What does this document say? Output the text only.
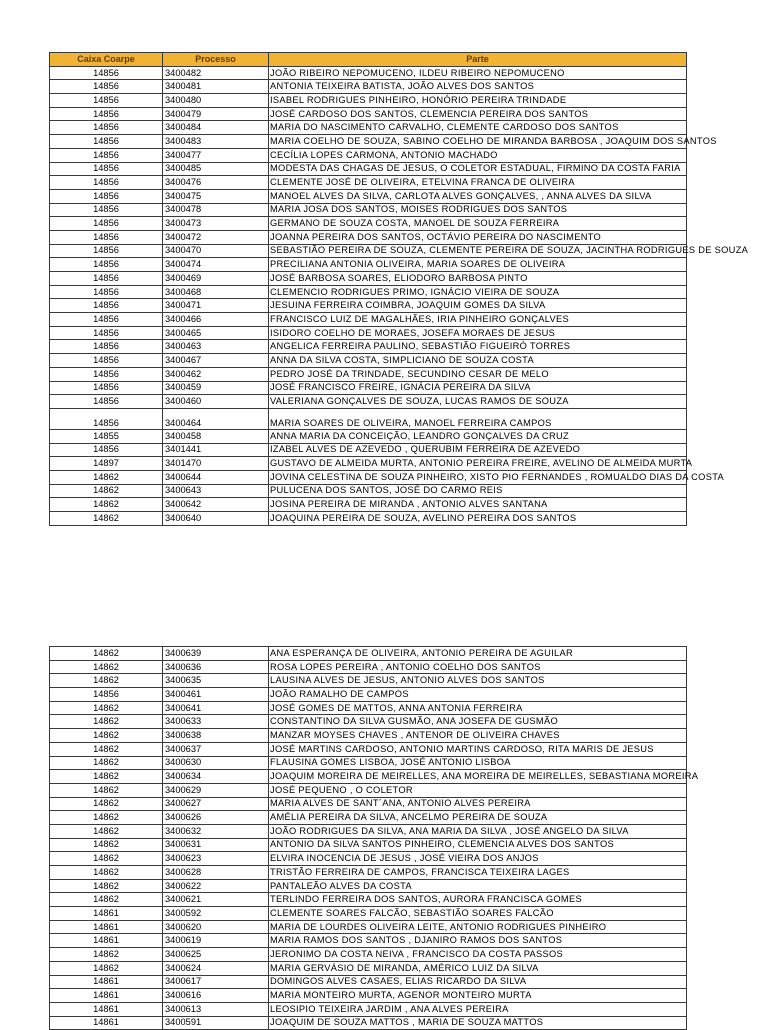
Caixa Coarpe	Processo	Parte
14856	3400482	JOÃO RIBEIRO NEPOMUCENO, ILDEU RIBEIRO NEPOMUCENO
14856	3400481	ANTONIA TEIXEIRA BATISTA, JOÃO ALVES DOS SANTOS
14856	3400480	ISABEL RODRIGUES PINHEIRO, HONÓRIO PEREIRA TRINDADE
14856	3400479	JOSÉ CARDOSO DOS SANTOS, CLEMENCIA PEREIRA DOS SANTOS
14856	3400484	MARIA DO NASCIMENTO CARVALHO, CLEMENTE CARDOSO DOS SANTOS
14856	3400483	MARIA COELHO DE SOUZA, SABINO COELHO DE MIRANDA BARBOSA , JOAQUIM DOS SANTOS
14856	3400477	CECÍLIA LOPES CARMONA, ANTONIO MACHADO
14856	3400485	MODESTA DAS CHAGAS DE JESUS, O COLETOR ESTADUAL, FIRMINO DA COSTA FARIA
14856	3400476	CLEMENTE JOSÉ DE OLIVEIRA, ETELVINA FRANCA DE OLIVEIRA
14856	3400475	MANOEL ALVES DA SILVA, CARLOTA ALVES GONÇALVES, , ANNA ALVES DA SILVA
14856	3400478	MARIA JOSA DOS SANTOS, MOISES RODRIGUES DOS SANTOS
14856	3400473	GERMANO DE SOUZA COSTA, MANOEL DE SOUZA FERREIRA
14856	3400472	JOANNA PEREIRA DOS SANTOS, OCTÁVIO PEREIRA DO NASCIMENTO
14856	3400470	SEBASTIÃO PEREIRA DE SOUZA, CLEMENTE PEREIRA DE SOUZA, JACINTHA RODRIGUES DE SOUZA
14856	3400474	PRECILIANA ANTONIA OLIVEIRA, MARIA SOARES DE OLIVEIRA
14856	3400469	JOSÉ BARBOSA SOARES, ELIODORO BARBOSA PINTO
14856	3400468	CLEMENCIO RODRIGUES PRIMO, IGNÁCIO VIEIRA DE SOUZA
14856	3400471	JESUINA FERREIRA COIMBRA, JOAQUIM GOMES DA SILVA
14856	3400466	FRANCISCO LUIZ DE MAGALHÃES, IRIA PINHEIRO GONÇALVES
14856	3400465	ISIDORO COELHO DE MORAES, JOSEFA MORAES DE JESUS
14856	3400463	ANGELICA FERREIRA PAULINO, SEBASTIÃO FIGUEIRÓ TORRES
14856	3400467	ANNA DA SILVA COSTA, SIMPLICIANO DE SOUZA COSTA
14856	3400462	PEDRO JOSÉ DA TRINDADE, SECUNDINO CESAR DE MELO
14856	3400459	JOSÉ FRANCISCO FREIRE, IGNÁCIA PEREIRA DA SILVA
14856	3400460	VALERIANA GONÇALVES DE SOUZA, LUCAS RAMOS DE SOUZA
14856	3400464	MARIA SOARES DE OLIVEIRA, MANOEL FERREIRA CAMPOS
14855	3400458	ANNA MARIA DA CONCEIÇÃO, LEANDRO GONÇALVES DA CRUZ
14856	3401441	IZABEL ALVES DE AZEVEDO , QUERUBIM FERREIRA DE AZEVEDO
14897	3401470	GUSTAVO DE ALMEIDA MURTA, ANTONIO PEREIRA FREIRE, AVELINO DE ALMEIDA MURTA
14862	3400644	JOVINA CELESTINA DE SOUZA PINHEIRO, XISTO PIO FERNANDES , ROMUALDO DIAS DA COSTA
14862	3400643	PULUCENA DOS SANTOS, JOSÉ DO CARMO REIS
14862	3400642	JOSINA PEREIRA DE MIRANDA , ANTONIO ALVES SANTANA
14862	3400640	JOAQUINA PEREIRA DE SOUZA, AVELINO PEREIRA DOS SANTOS
14862	3400639	ANA ESPERANÇA DE OLIVEIRA, ANTONIO PEREIRA DE AGUILAR
14862	3400636	ROSA LOPES PEREIRA , ANTONIO COELHO DOS SANTOS
14862	3400635	LAUSINA ALVES DE JESUS, ANTONIO ALVES DOS SANTOS
14856	3400461	JOÃO RAMALHO DE CAMPOS
14862	3400641	JOSÉ GOMES DE MATTOS, ANNA ANTONIA FERREIRA
14862	3400633	CONSTANTINO DA SILVA GUSMÃO, ANA JOSEFA DE GUSMÃO
14862	3400638	MANZAR MOYSES CHAVES , ANTENOR DE OLIVEIRA CHAVES
14862	3400637	JOSÉ MARTINS CARDOSO, ANTONIO MARTINS CARDOSO, RITA MARIS DE JESUS
14862	3400630	FLAUSINA GOMES LISBOA, JOSÉ ANTONIO LISBOA
14862	3400634	JOAQUIM MOREIRA DE MEIRELLES, ANA MOREIRA DE MEIRELLES, SEBASTIANA MOREIRA
14862	3400629	JOSÉ PEQUENO , O COLETOR
14862	3400627	MARIA ALVES DE SANT´ANA, ANTONIO ALVES PEREIRA
14862	3400626	AMÉLIA PEREIRA DA SILVA, ANCELMO PEREIRA DE SOUZA
14862	3400632	JOÃO RODRIGUES DA SILVA, ANA MARIA DA SILVA , JOSÉ ANGELO DA SILVA
14862	3400631	ANTONIO DA SILVA SANTOS PINHEIRO, CLEMENCIA ALVES DOS SANTOS
14862	3400623	ELVIRA INOCENCIA DE JESUS , JOSÉ VIEIRA DOS ANJOS
14862	3400628	TRISTÃO FERREIRA DE CAMPOS, FRANCISCA TEIXEIRA LAGES
14862	3400622	PANTALEÃO ALVES DA COSTA
14862	3400621	TERLINDO FERREIRA DOS SANTOS, AURORA FRANCISCA GOMES
14861	3400592	CLEMENTE SOARES FALCÃO, SEBASTIÃO SOARES FALCÃO
14861	3400620	MARIA DE LOURDES OLIVEIRA LEITE, ANTONIO RODRIGUES PINHEIRO
14861	3400619	MARIA RAMOS DOS SANTOS , DJANIRO RAMOS DOS SANTOS
14862	3400625	JERONIMO DA COSTA NEIVA , FRANCISCO DA COSTA PASSOS
14862	3400624	MARIA GERVÁSIO DE MIRANDA, AMÉRICO LUIZ DA SILVA
14861	3400617	DOMINGOS ALVES CASAES, ELIAS RICARDO DA SILVA
14861	3400616	MARIA MONTEIRO MURTA, AGENOR MONTEIRO MURTA
14861	3400613	LEOSIPIO TEIXEIRA JARDIM , ANA ALVES PEREIRA
14861	3400591	JOAQUIM DE SOUZA MATTOS , MARIA DE SOUZA MATTOS
